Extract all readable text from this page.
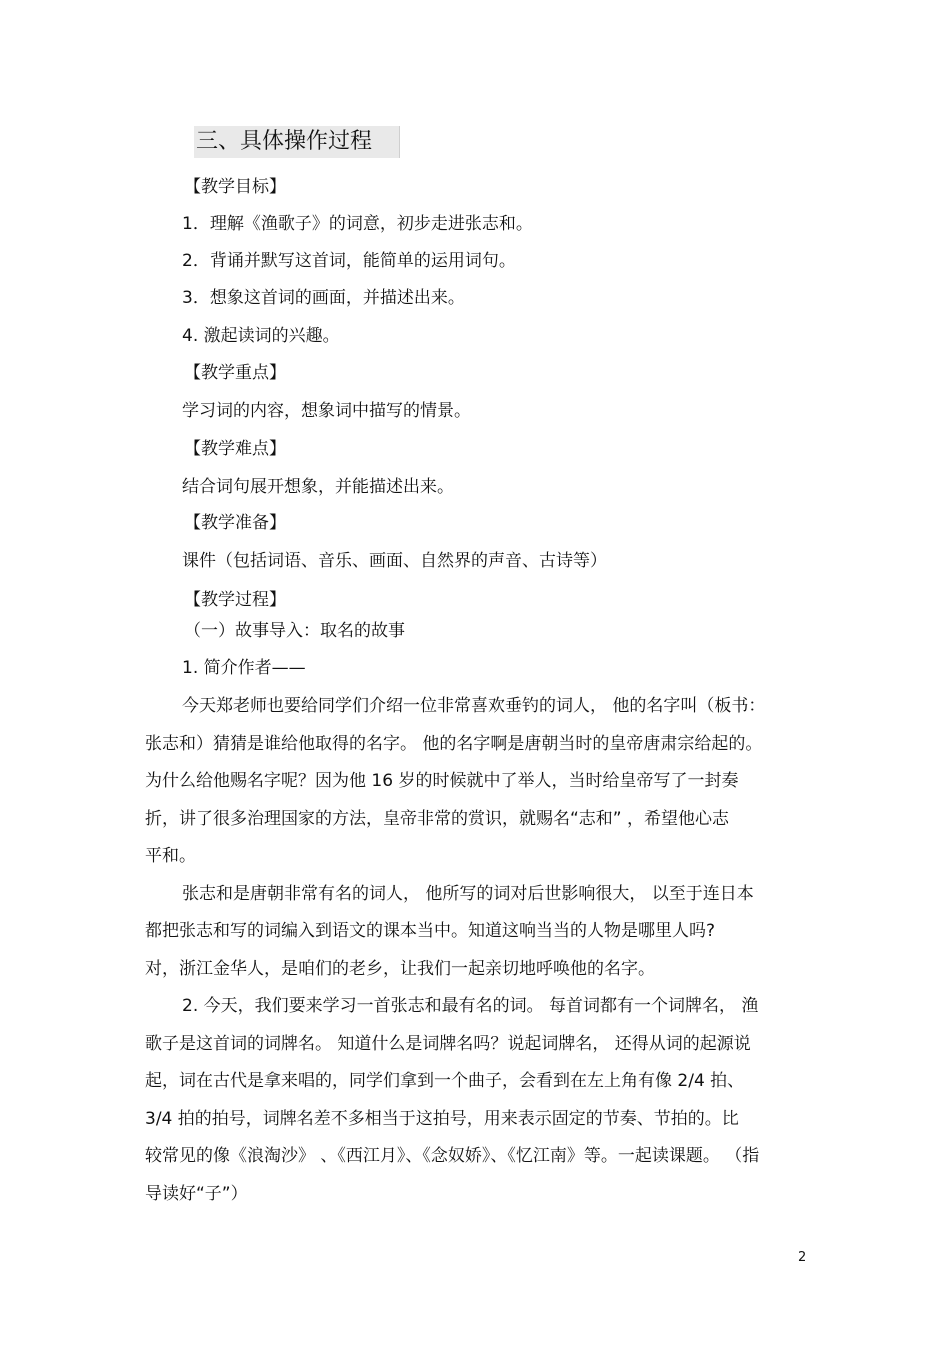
三、具体操作过程
【教学目标】
1．理解《渔歌子》的词意，初步走进张志和。
2．背诵并默写这首词，能简单的运用词句。
3．想象这首词的画面，并描述出来。
4. 激起读词的兴趣。
【教学重点】
学习词的内容，想象词中描写的情景。
【教学难点】
结合词句展开想象，并能描述出来。
【教学准备】
课件（包括词语、音乐、画面、自然界的声音、古诗等）
【教学过程】
（一）故事导入：取名的故事
1. 简介作者——
今天郑老师也要给同学们介绍一位非常喜欢垂钓的词人， 他的名字叫（板书：
张志和）猜猜是谁给他取得的名字。 他的名字啊是唐朝当时的皇帝唐肃宗给起的。
为什么给他赐名字呢？因为他 16 岁的时候就中了举人，当时给皇帝写了一封奏
折，讲了很多治理国家的方法，皇帝非常的赏识，就赐名“志和” ，希望他心志
平和。
张志和是唐朝非常有名的词人， 他所写的词对后世影响很大， 以至于连日本
都把张志和写的词编入到语文的课本当中。知道这响当当的人物是哪里人吗?
对，浙江金华人，是咱们的老乡，让我们一起亲切地呼唤他的名字。
2. 今天，我们要来学习一首张志和最有名的词。 每首词都有一个词牌名， 渔
歌子是这首词的词牌名。 知道什么是词牌名吗？说起词牌名， 还得从词的起源说
起，词在古代是拿来唱的，同学们拿到一个曲子，会看到在左上角有像 2/4 拍、
3/4 拍的拍号，词牌名差不多相当于这拍号，用来表示固定的节奏、节拍的。比
较常见的像《浪淘沙》 、《西江月》、《念奴娇》、《忆江南》等。一起读课题。 （指
导读好“子”）
2
